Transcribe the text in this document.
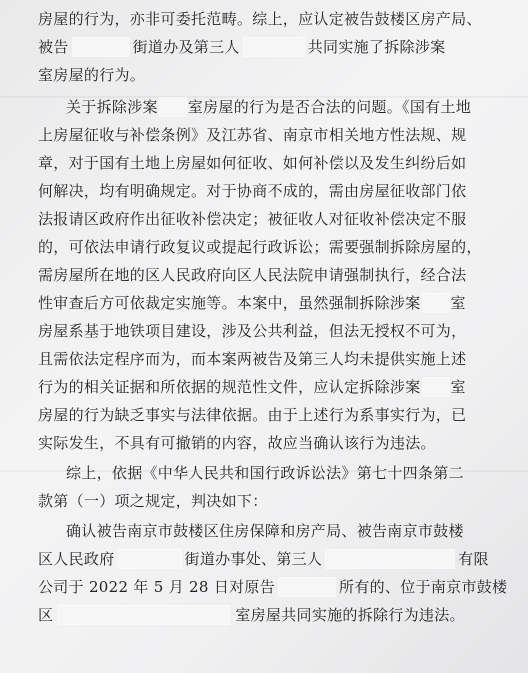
房屋的行为，亦非可委托范畴。综上，应认定被告鼓楼区房产局、
被告	街道办及第三人	共同实施了拆除涉案
室房屋的行为。
关于拆除涉案 室房屋的行为是否合法的问题。《国有土地
上房屋征收与补偿条例》及江苏省、南京市相关地方性法规、规
章，对于国有土地上房屋如何征收、如何补偿以及发生纠纷后如
何解决，均有明确规定。对于协商不成的，需由房屋征收部门依
法报请区政府作出征收补偿决定；被征收人对征收补偿决定不服
的，可依法申请行政复议或提起行政诉讼；需要强制拆除房屋的，
需房屋所在地的区人民政府向区人民法院申请强制执行，经合法
性审查后方可依裁定实施等。本案中，虽然强制拆除涉案 室
房屋系基于地铁项目建设，涉及公共利益，但法无授权不可为，
且需依法定程序而为，而本案两被告及第三人均未提供实施上述
行为的相关证据和所依据的规范性文件，应认定拆除涉案 室
房屋的行为缺乏事实与法律依据。由于上述行为系事实行为，已
实际发生，不具有可撤销的内容，故应当确认该行为违法。
综上，依据《中华人民共和国行政诉讼法》第七十四条第二
款第（一）项之规定，判决如下：
确认被告南京市鼓楼区住房保障和房产局、被告南京市鼓楼
区人民政府	街道办事处、第三人	有限
公司于 2022 年 5 月 28 日对原告	所有的、位于南京市鼓楼
区	室房屋共同实施的拆除行为违法。
